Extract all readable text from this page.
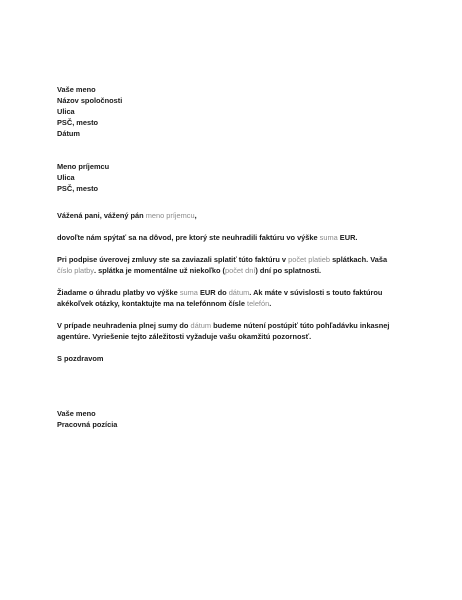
Vaše meno
Názov spoločnosti
Ulica
PSČ, mesto
Dátum
Meno príjemcu
Ulica
PSČ, mesto
Vážená pani, vážený pán meno príjemcu,
dovoľte nám spýtať sa na dôvod, pre ktorý ste neuhradili faktúru vo výške suma EUR.
Pri podpise úverovej zmluvy ste sa zaviazali splatiť túto faktúru v počet platieb splátkach. Vaša
číslo platby. splátka je momentálne už niekoľko (počet dní) dní po splatnosti.
Žiadame o úhradu platby vo výške suma EUR do dátum. Ak máte v súvislosti s touto faktúrou
akékoľvek otázky, kontaktujte ma na telefónnom čísle telefón.
V prípade neuhradenia plnej sumy do dátum budeme nútení postúpiť túto pohľadávku inkasnej
agentúre. Vyriešenie tejto záležitosti vyžaduje vašu okamžitú pozornosť.
S pozdravom
Vaše meno
Pracovná pozícia
